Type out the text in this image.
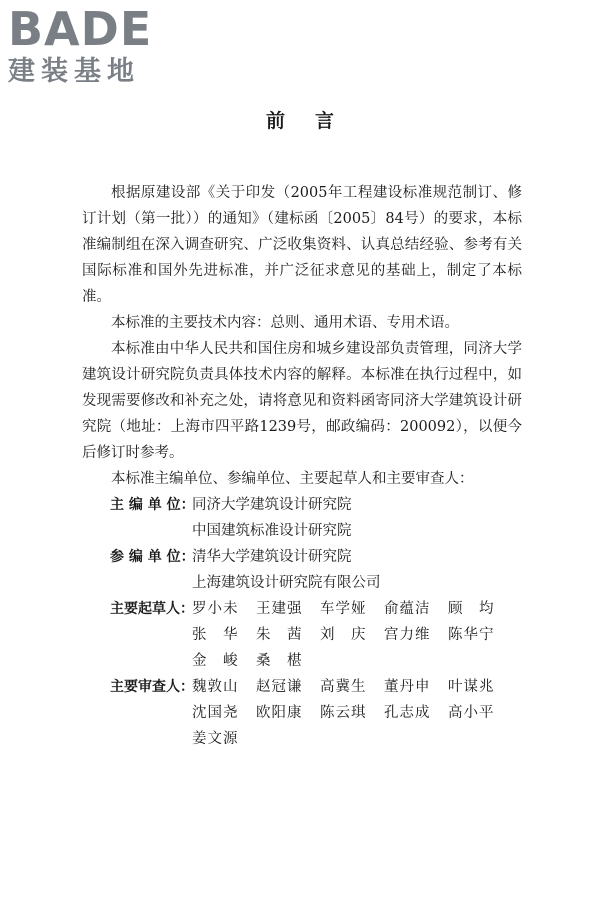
BADE
建装基地
前言

根据原建设部《关于印发（2005年工程建设标准规范制订、修订计划（第一批））的通知》（建标函〔2005〕84号）的要求，本标准编制组在深入调查研究、广泛收集资料、认真总结经验、参考有关国际标准和国外先进标准，并广泛征求意见的基础上，制定了本标准。

本标准的主要技术内容：总则、通用术语、专用术语。

本标准由中华人民共和国住房和城乡建设部负责管理，同济大学建筑设计研究院负责具体技术内容的解释。本标准在执行过程中，如发现需要修改和补充之处，请将意见和资料函寄同济大学建筑设计研究院（地址：上海市四平路1239号，邮政编码：200092），以便今后修订时参考。

本标准主编单位、参编单位、主要起草人和主要审查人：

主 编 单 位：
同济大学建筑设计研究院
中国建筑标准设计研究院
参 编 单 位：
清华大学建筑设计研究院
上海建筑设计研究院有限公司
主要起草人：
罗小未	王建强	车学娅	俞蕴洁	顾　均
张　华	朱　茜	刘　庆	宫力维	陈华宁
金　峻	桑　椹
主要审查人：
魏敦山	赵冠谦	高冀生	董丹申	叶谋兆
沈国尧	欧阳康	陈云琪	孔志成	高小平
姜文源
